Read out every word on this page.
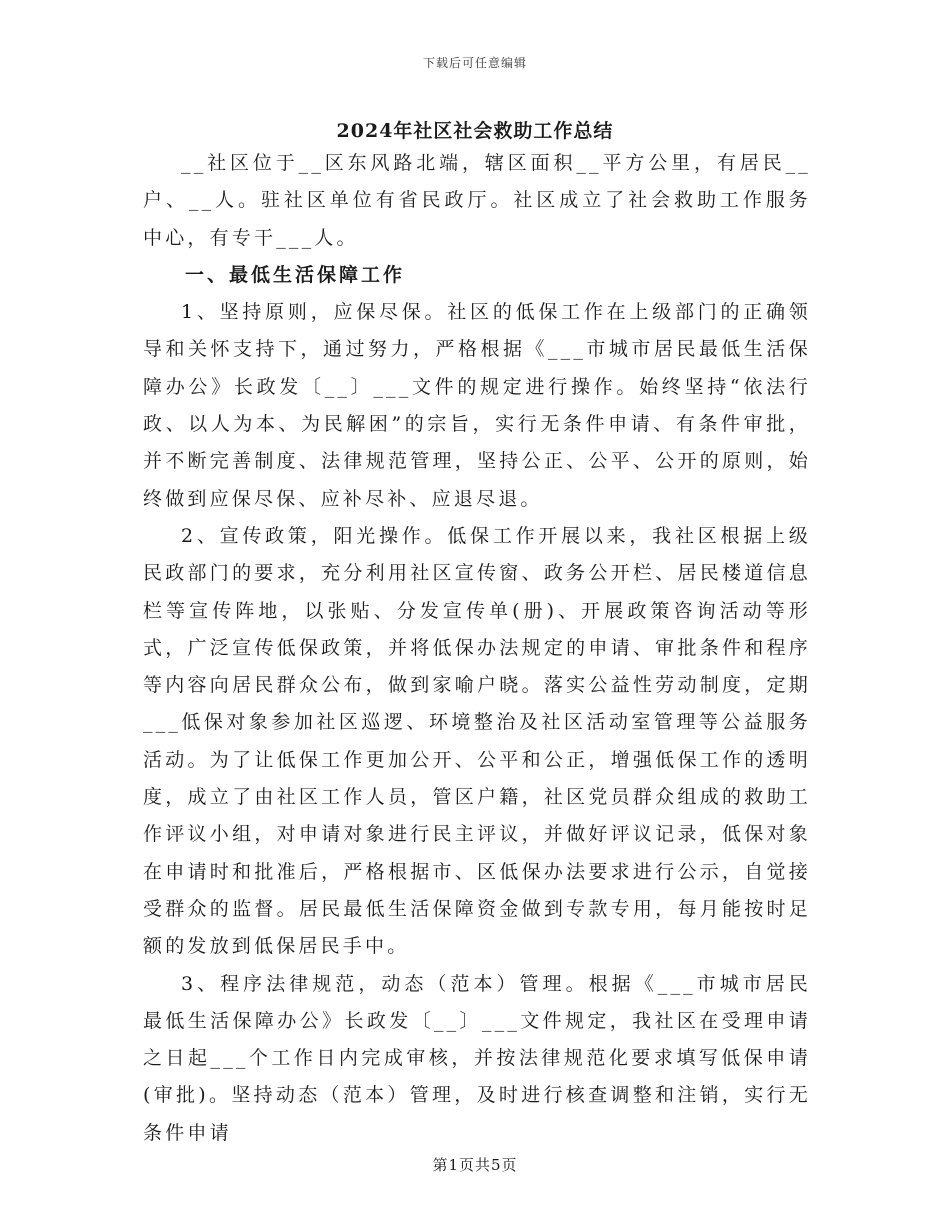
下载后可任意编辑
2024年社区社会救助工作总结

__社区位于__区东风路北端，辖区面积__平方公里，有居民__户、__人。驻社区单位有省民政厅。社区成立了社会救助工作服务中心，有专干___人。

一、最低生活保障工作

1、坚持原则，应保尽保。社区的低保工作在上级部门的正确领导和关怀支持下，通过努力，严格根据《___市城市居民最低生活保障办公》长政发〔__〕___文件的规定进行操作。始终坚持“依法行政、以人为本、为民解困”的宗旨，实行无条件申请、有条件审批，并不断完善制度、法律规范管理，坚持公正、公平、公开的原则，始终做到应保尽保、应补尽补、应退尽退。

2、宣传政策，阳光操作。低保工作开展以来，我社区根据上级民政部门的要求，充分利用社区宣传窗、政务公开栏、居民楼道信息栏等宣传阵地，以张贴、分发宣传单(册)、开展政策咨询活动等形式，广泛宣传低保政策，并将低保办法规定的申请、审批条件和程序等内容向居民群众公布，做到家喻户晓。落实公益性劳动制度，定期___低保对象参加社区巡逻、环境整治及社区活动室管理等公益服务活动。为了让低保工作更加公开、公平和公正，增强低保工作的透明度，成立了由社区工作人员，管区户籍，社区党员群众组成的救助工作评议小组，对申请对象进行民主评议，并做好评议记录，低保对象在申请时和批准后，严格根据市、区低保办法要求进行公示，自觉接受群众的监督。居民最低生活保障资金做到专款专用，每月能按时足额的发放到低保居民手中。

3、程序法律规范，动态（范本）管理。根据《___市城市居民最低生活保障办公》长政发〔__〕___文件规定，我社区在受理申请之日起___个工作日内完成审核，并按法律规范化要求填写低保申请(审批)。坚持动态（范本）管理，及时进行核查调整和注销，实行无条件申请

第1页共5页
